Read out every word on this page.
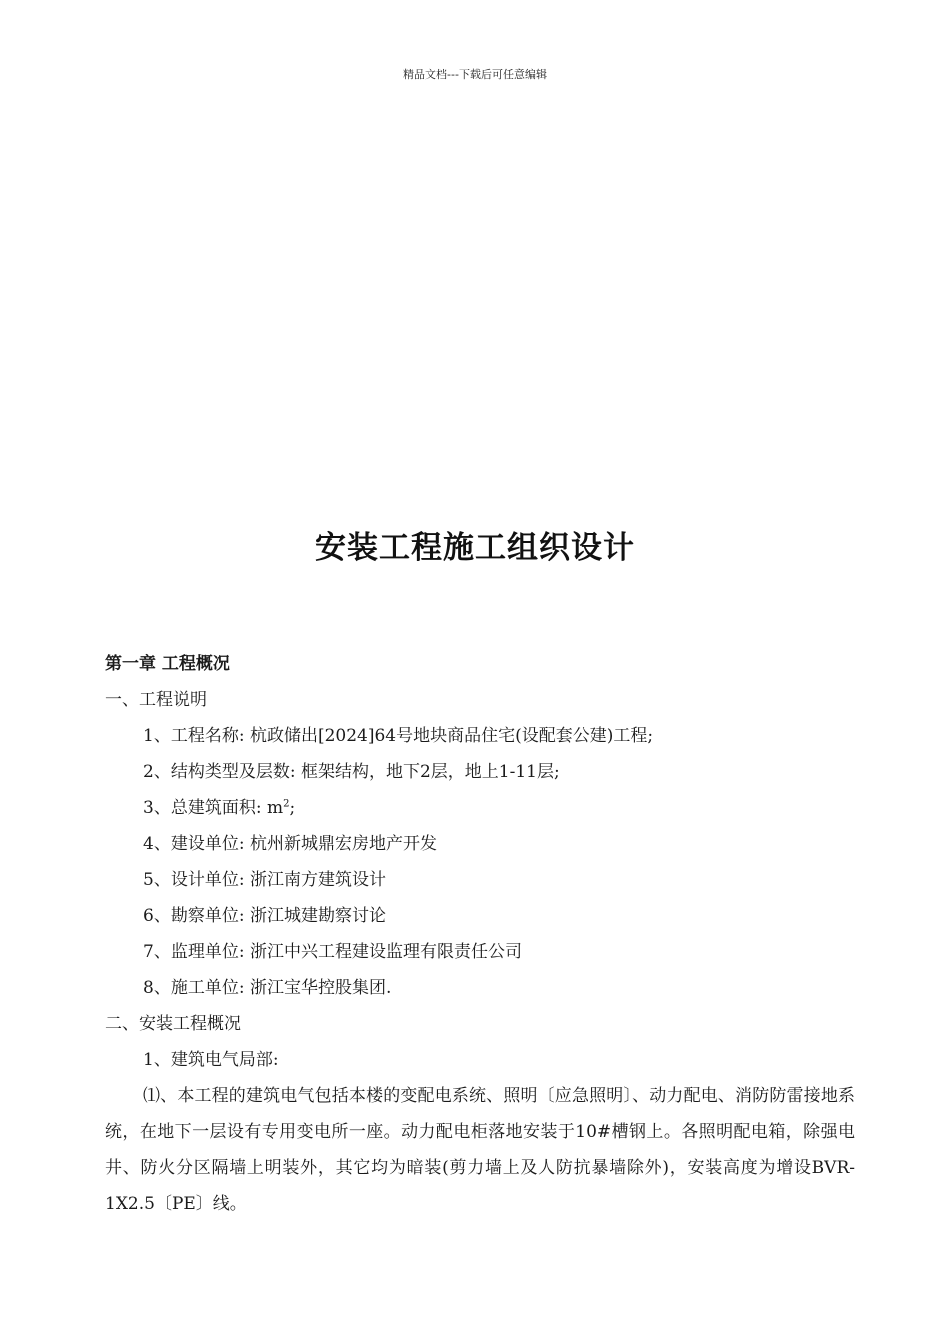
精品文档---下载后可任意编辑
安装工程施工组织设计
第一章 工程概况
一、工程说明
1、工程名称: 杭政储出[2024]64号地块商品住宅(设配套公建)工程;
2、结构类型及层数: 框架结构，地下2层，地上1-11层;
3、总建筑面积: $m^2$;
4、建设单位: 杭州新城鼎宏房地产开发
5、设计单位: 浙江南方建筑设计
6、勘察单位: 浙江城建勘察讨论
7、监理单位: 浙江中兴工程建设监理有限责任公司
8、施工单位: 浙江宝华控股集团.
二、安装工程概况
1、建筑电气局部:

⑴、本工程的建筑电气包括本楼的变配电系统、照明〔应急照明〕、动力配电、消防防雷接地系统，在地下一层设有专用变电所一座。动力配电柜落地安装于10#槽钢上。各照明配电箱，除强电井、防火分区隔墙上明装外，其它均为暗装(剪力墙上及人防抗暴墙除外)，安装高度为增设BVR-1X2.5〔PE〕线。
